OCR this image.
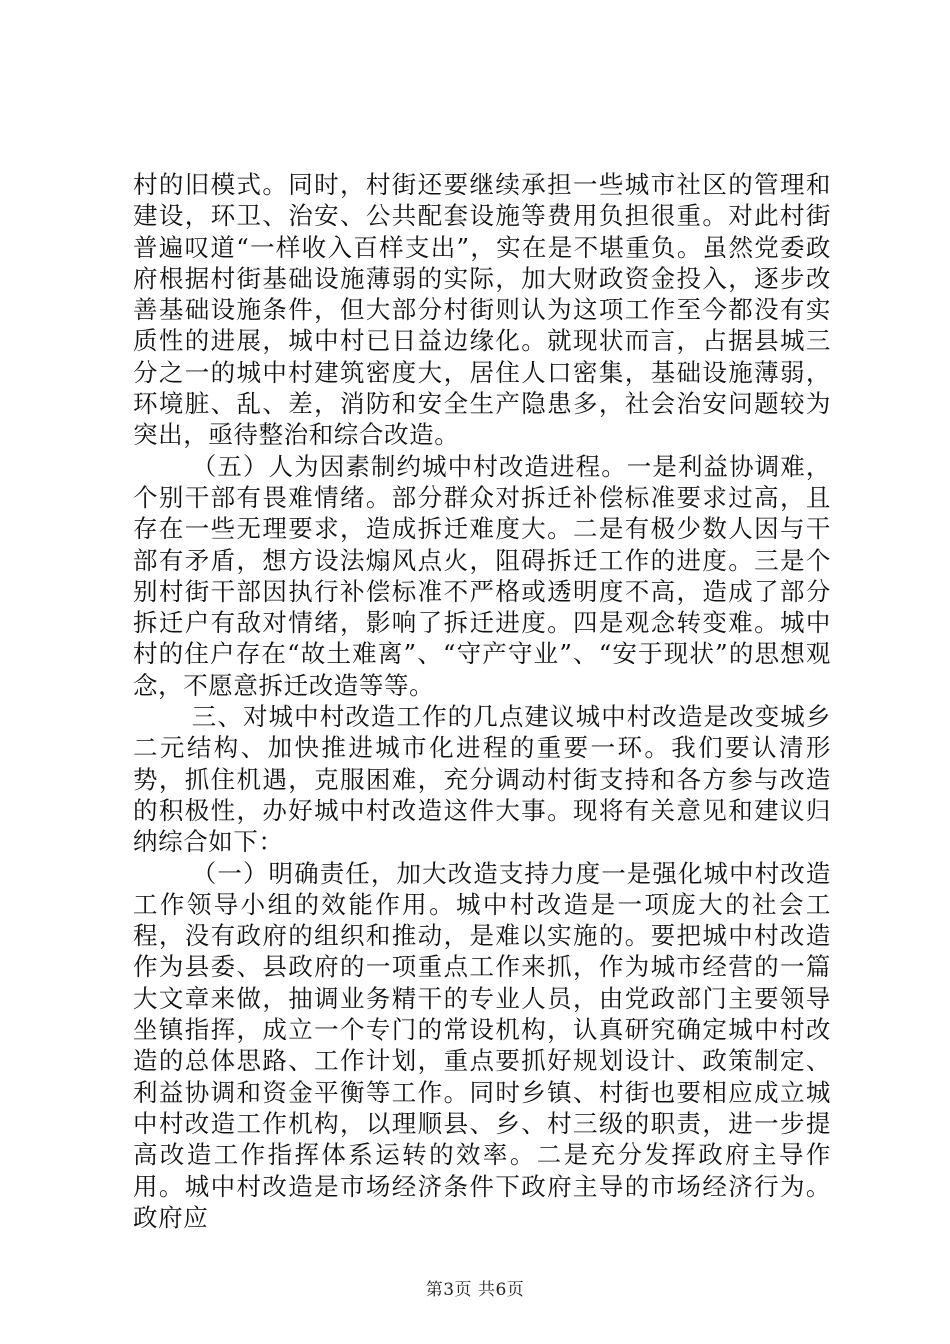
村的旧模式。同时，村街还要继续承担一些城市社区的管理和建设，环卫、治安、公共配套设施等费用负担很重。对此村街普遍叹道“一样收入百样支出”，实在是不堪重负。虽然党委政府根据村街基础设施薄弱的实际，加大财政资金投入，逐步改善基础设施条件，但大部分村街则认为这项工作至今都没有实质性的进展，城中村已日益边缘化。就现状而言，占据县城三分之一的城中村建筑密度大，居住人口密集，基础设施薄弱，环境脏、乱、差，消防和安全生产隐患多，社会治安问题较为突出，亟待整治和综合改造。

（五）人为因素制约城中村改造进程。一是利益协调难，个别干部有畏难情绪。部分群众对拆迁补偿标准要求过高，且存在一些无理要求，造成拆迁难度大。二是有极少数人因与干部有矛盾，想方设法煽风点火，阻碍拆迁工作的进度。三是个别村街干部因执行补偿标准不严格或透明度不高，造成了部分拆迁户有敌对情绪，影响了拆迁进度。四是观念转变难。城中村的住户存在“故土难离”、“守产守业”、“安于现状”的思想观念，不愿意拆迁改造等等。

三、对城中村改造工作的几点建议城中村改造是改变城乡二元结构、加快推进城市化进程的重要一环。我们要认清形势，抓住机遇，克服困难，充分调动村街支持和各方参与改造的积极性，办好城中村改造这件大事。现将有关意见和建议归纳综合如下：

（一）明确责任，加大改造支持力度一是强化城中村改造工作领导小组的效能作用。城中村改造是一项庞大的社会工程，没有政府的组织和推动，是难以实施的。要把城中村改造作为县委、县政府的一项重点工作来抓，作为城市经营的一篇大文章来做，抽调业务精干的专业人员，由党政部门主要领导坐镇指挥，成立一个专门的常设机构，认真研究确定城中村改造的总体思路、工作计划，重点要抓好规划设计、政策制定、利益协调和资金平衡等工作。同时乡镇、村街也要相应成立城中村改造工作机构，以理顺县、乡、村三级的职责，进一步提高改造工作指挥体系运转的效率。二是充分发挥政府主导作用。城中村改造是市场经济条件下政府主导的市场经济行为。政府应

第3页 共6页
